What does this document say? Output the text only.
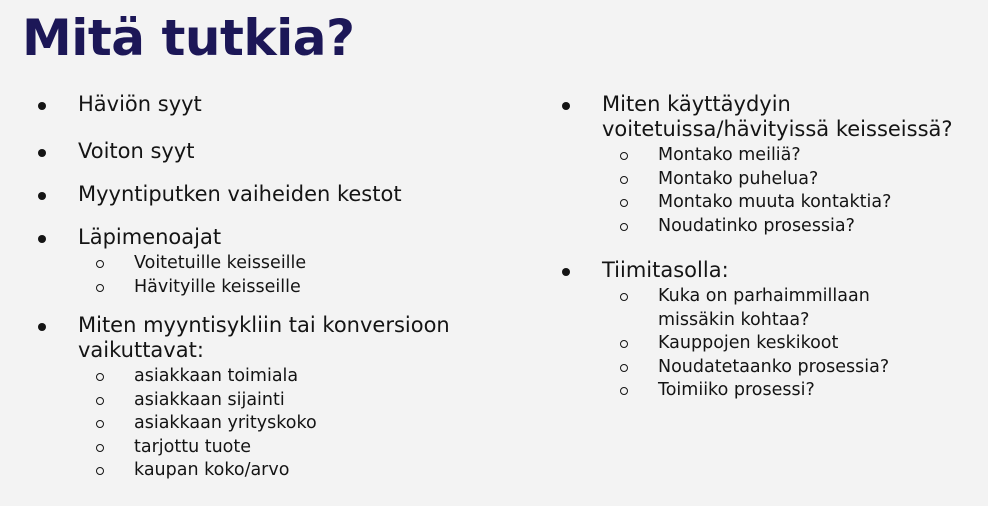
Mitä tutkia?
Häviön syyt
Voiton syyt
Myyntiputken vaiheiden kestot
Läpimenoajat
Voitetuille keisseille
Hävityille keisseille
Miten myyntisykliin tai konversioon vaikuttavat:
asiakkaan toimiala
asiakkaan sijainti
asiakkaan yrityskoko
tarjottu tuote
kaupan koko/arvo
Miten käyttäydyin voitetuissa/hävityissä keisseissä?
Montako meiliä?
Montako puhelua?
Montako muuta kontaktia?
Noudatinko prosessia?
Tiimitasolla:
Kuka on parhaimmillaan missäkin kohtaa?
Kauppojen keskikoot
Noudatetaanko prosessia?
Toimiiko prosessi?
